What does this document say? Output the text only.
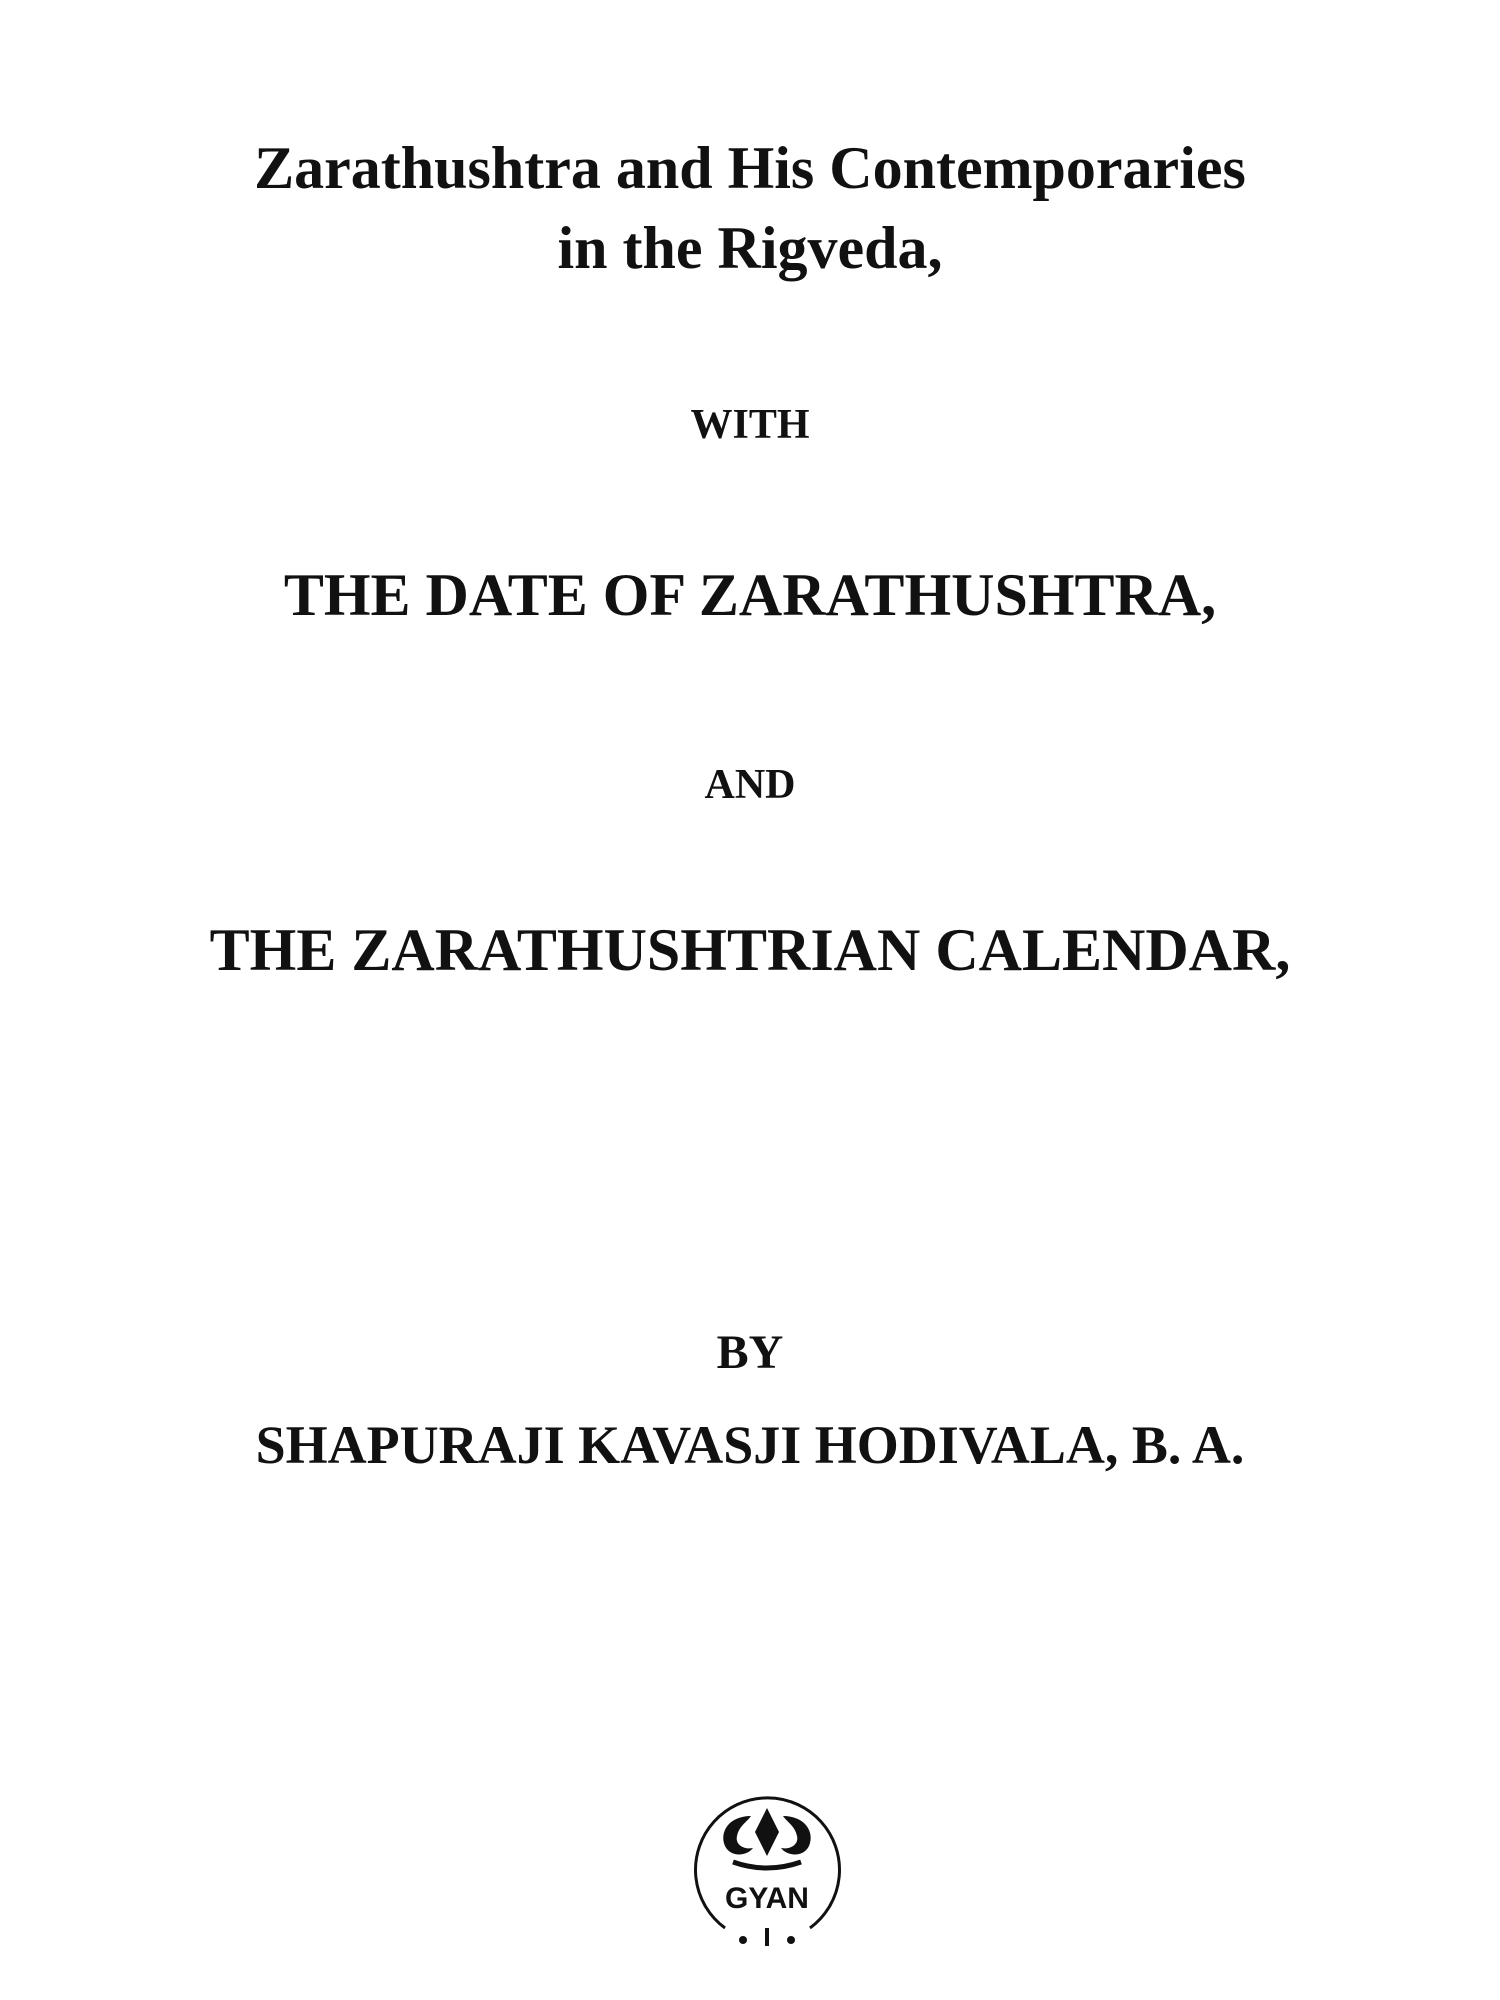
Zarathushtra and His Contemporaries
in the Rigveda,

WITH

THE DATE OF ZARATHUSHTRA,

AND

THE ZARATHUSHTRIAN CALENDAR,

BY

SHAPURAJI KAVASJI HODIVALA, B. A.

GYAN
